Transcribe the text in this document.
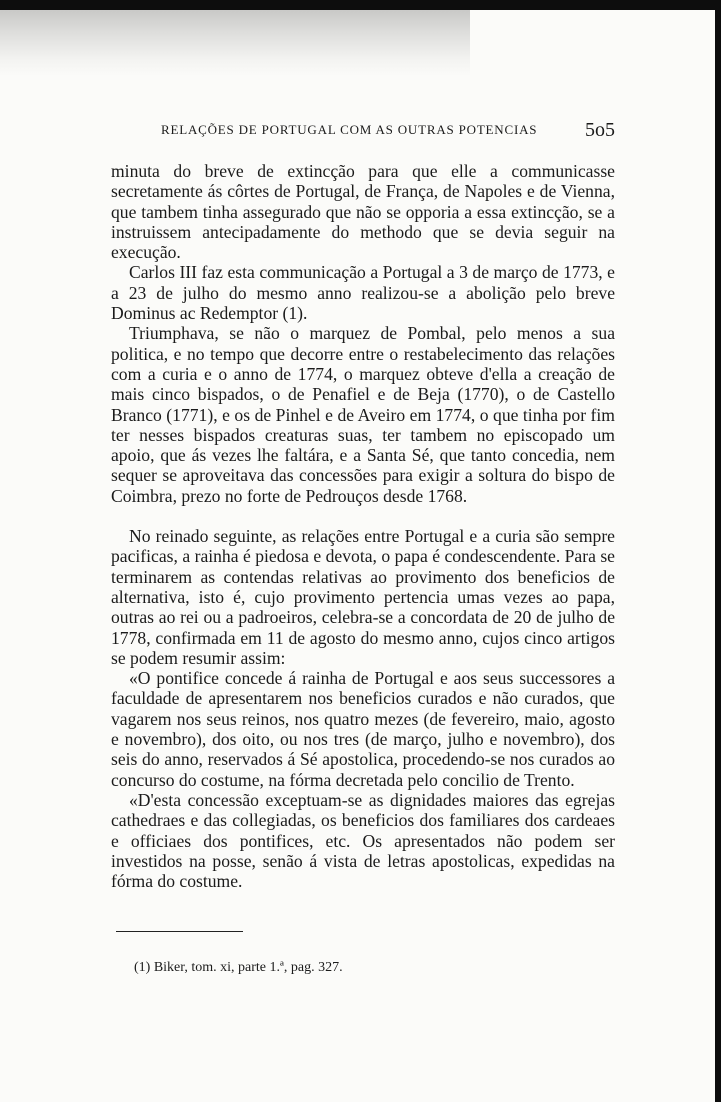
RELAÇÕES DE PORTUGAL COM AS OUTRAS POTENCIAS 5o5

minuta do breve de extincção para que elle a communicasse secretamente ás côrtes de Portugal, de França, de Napoles e de Vienna, que tambem tinha assegurado que não se opporia a essa extincção, se a instruissem antecipadamente do methodo que se devia seguir na execução.

Carlos III faz esta communicação a Portugal a 3 de março de 1773, e a 23 de julho do mesmo anno realizou-se a abolição pelo breve Dominus ac Redemptor (1).

Triumphava, se não o marquez de Pombal, pelo menos a sua politica, e no tempo que decorre entre o restabelecimento das relações com a curia e o anno de 1774, o marquez obteve d'ella a creação de mais cinco bispados, o de Penafiel e de Beja (1770), o de Castello Branco (1771), e os de Pinhel e de Aveiro em 1774, o que tinha por fim ter nesses bispados creaturas suas, ter tambem no episcopado um apoio, que ás vezes lhe faltára, e a Santa Sé, que tanto concedia, nem sequer se aproveitava das concessões para exigir a soltura do bispo de Coimbra, prezo no forte de Pedrouços desde 1768.

No reinado seguinte, as relações entre Portugal e a curia são sempre pacificas, a rainha é piedosa e devota, o papa é condescendente. Para se terminarem as contendas relativas ao provimento dos beneficios de alternativa, isto é, cujo provimento pertencia umas vezes ao papa, outras ao rei ou a padroeiros, celebra-se a concordata de 20 de julho de 1778, confirmada em 11 de agosto do mesmo anno, cujos cinco artigos se podem resumir assim:

«O pontifice concede á rainha de Portugal e aos seus successores a faculdade de apresentarem nos beneficios curados e não curados, que vagarem nos seus reinos, nos quatro mezes (de fevereiro, maio, agosto e novembro), dos oito, ou nos tres (de março, julho e novembro), dos seis do anno, reservados á Sé apostolica, procedendo-se nos curados ao concurso do costume, na fórma decretada pelo concilio de Trento.

«D'esta concessão exceptuam-se as dignidades maiores das egrejas cathedraes e das collegiadas, os beneficios dos familiares dos cardeaes e officiaes dos pontifices, etc. Os apresentados não podem ser investidos na posse, senão á vista de letras apostolicas, expedidas na fórma do costume.

(1) Biker, tom. xi, parte 1.ª, pag. 327.
